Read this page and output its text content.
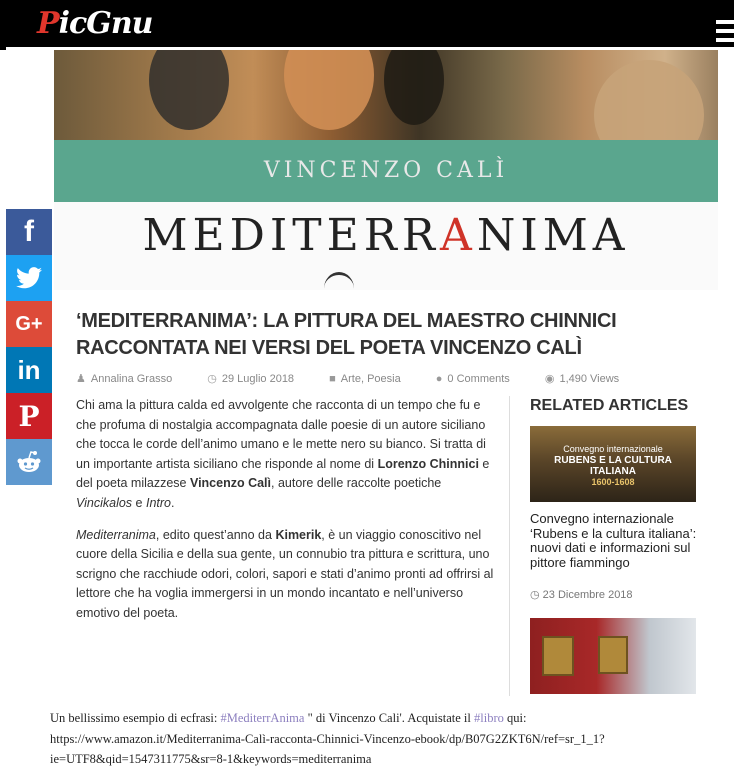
PicGnu
f
G+
in
P
VINCENZO CALÌ
MEDITERRANIMA
‘MEDITERRANIMA’: LA PITTURA DEL MAESTRO CHINNICI RACCONTATA NEI VERSI DEL POETA VINCENZO CALÌ
♟ Annalina Grasso	◷ 29 Luglio 2018	■ Arte, Poesia	● 0 Comments	◉ 1,490 Views

Chi ama la pittura calda ed avvolgente che racconta di un tempo che fu e che profuma di nostalgia accompagnata dalle poesie di un autore siciliano che tocca le corde dell’animo umano e le mette nero su bianco. Si tratta di un importante artista siciliano che risponde al nome di Lorenzo Chinnici e del poeta milazzese Vincenzo Calì, autore delle raccolte poetiche Vincikalos e Intro.

Mediterranima, edito quest’anno da Kimerik, è un viaggio conoscitivo nel cuore della Sicilia e della sua gente, un connubio tra pittura e scrittura, uno scrigno che racchiude odori, colori, sapori e stati d’animo pronti ad offrirsi al lettore che ha voglia immergersi in un mondo incantato e nell’universo emotivo del poeta.

RELATED ARTICLES
Convegno internazionale
RUBENS E LA CULTURA ITALIANA
1600-1608
Convegno internazionale ‘Rubens e la cultura italiana’: nuovi dati e informazioni sul pittore fiammingo
◷ 23 Dicembre 2018
Un bellissimo esempio di ecfrasi: #MediterrAnima " di Vincenzo Cali'. Acquistate il #libro qui: https://www.amazon.it/Mediterranima-Calì-racconta-Chinnici-Vincenzo-ebook/dp/B07G2ZKT6N/ref=sr_1_1?ie=UTF8&qid=1547311775&sr=8-1&keywords=mediterranima
